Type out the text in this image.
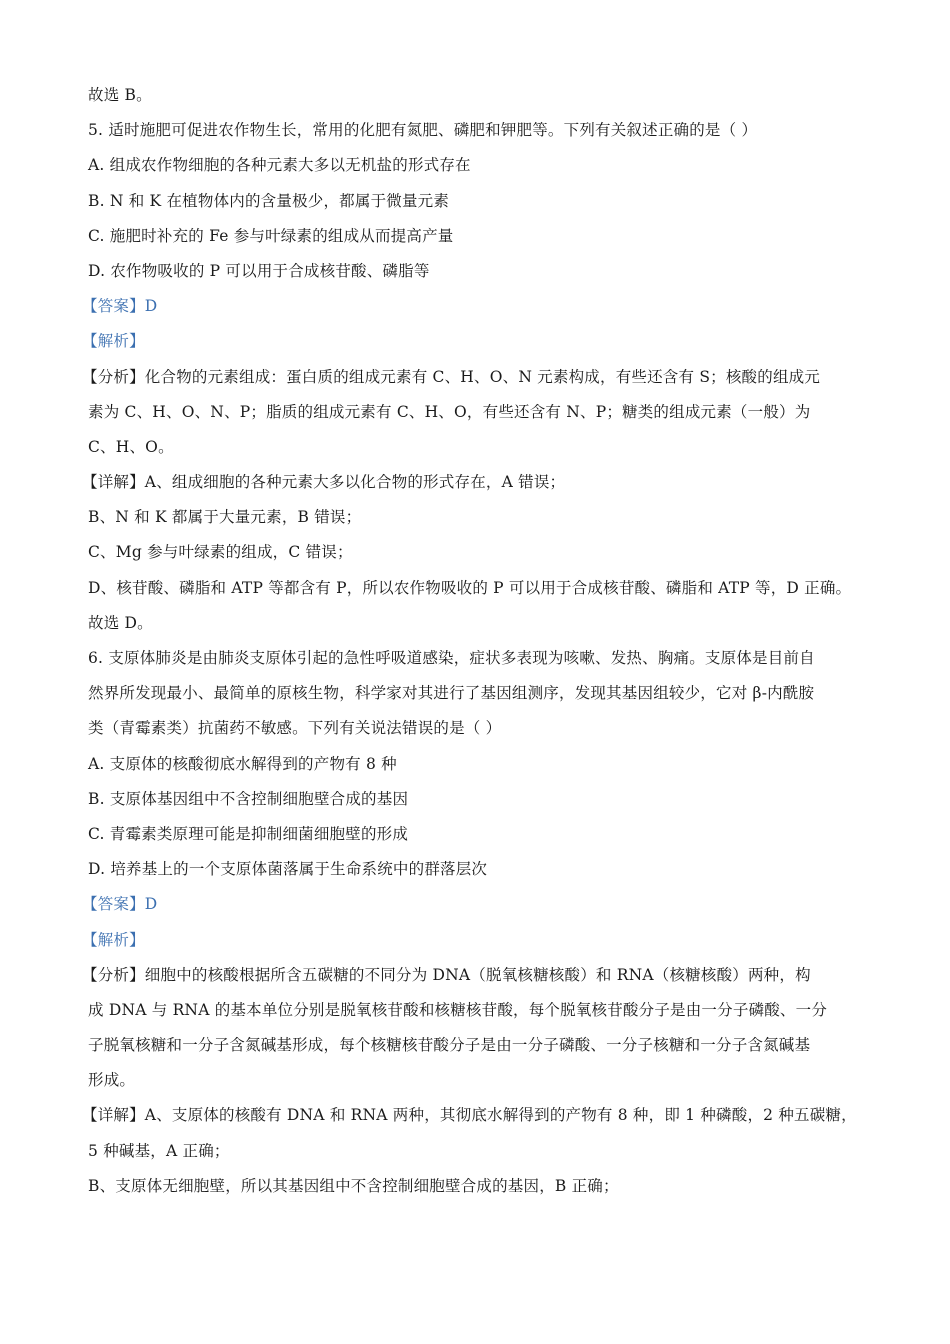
故选 B。
5. 适时施肥可促进农作物生长，常用的化肥有氮肥、磷肥和钾肥等。下列有关叙述正确的是（ ）
A. 组成农作物细胞的各种元素大多以无机盐的形式存在
B. N 和 K 在植物体内的含量极少，都属于微量元素
C. 施肥时补充的 Fe 参与叶绿素的组成从而提高产量
D. 农作物吸收的 P 可以用于合成核苷酸、磷脂等
【答案】D
【解析】
【分析】化合物的元素组成：蛋白质的组成元素有 C、H、O、N 元素构成，有些还含有 S；核酸的组成元
素为 C、H、O、N、P；脂质的组成元素有 C、H、O，有些还含有 N、P；糖类的组成元素（一般）为
C、H、O。
【详解】A、组成细胞的各种元素大多以化合物的形式存在，A 错误；
B、N 和 K 都属于大量元素，B 错误；
C、Mg 参与叶绿素的组成，C 错误；
D、核苷酸、磷脂和 ATP 等都含有 P，所以农作物吸收的 P 可以用于合成核苷酸、磷脂和 ATP 等，D 正确。
故选 D。
6. 支原体肺炎是由肺炎支原体引起的急性呼吸道感染，症状多表现为咳嗽、发热、胸痛。支原体是目前自
然界所发现最小、最简单的原核生物，科学家对其进行了基因组测序，发现其基因组较少，它对 β-内酰胺
类（青霉素类）抗菌药不敏感。下列有关说法错误的是（ ）
A. 支原体的核酸彻底水解得到的产物有 8 种
B. 支原体基因组中不含控制细胞壁合成的基因
C. 青霉素类原理可能是抑制细菌细胞壁的形成
D. 培养基上的一个支原体菌落属于生命系统中的群落层次
【答案】D
【解析】
【分析】细胞中的核酸根据所含五碳糖的不同分为 DNA（脱氧核糖核酸）和 RNA（核糖核酸）两种，构
成 DNA 与 RNA 的基本单位分别是脱氧核苷酸和核糖核苷酸，每个脱氧核苷酸分子是由一分子磷酸、一分
子脱氧核糖和一分子含氮碱基形成，每个核糖核苷酸分子是由一分子磷酸、一分子核糖和一分子含氮碱基
形成。
【详解】A、支原体的核酸有 DNA 和 RNA 两种，其彻底水解得到的产物有 8 种，即 1 种磷酸，2 种五碳糖，
5 种碱基，A 正确；
B、支原体无细胞壁，所以其基因组中不含控制细胞壁合成的基因，B 正确；
